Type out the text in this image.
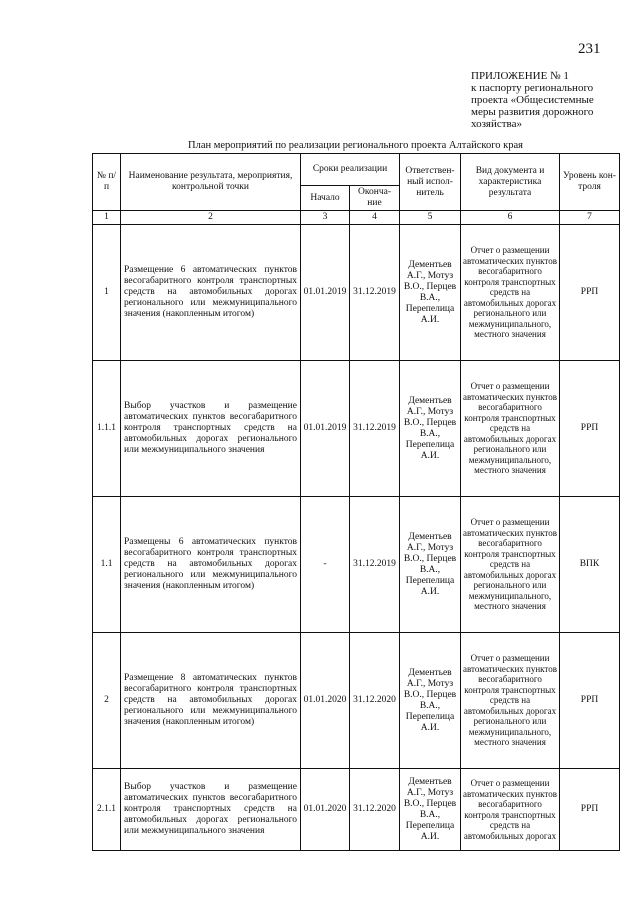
231
ПРИЛОЖЕНИЕ № 1
к паспорту регионального
проекта «Общесистемные
меры развития дорожного
хозяйства»
План мероприятий по реализации регионального проекта Алтайского края
№ п/п	Наименование результата, мероприятия, контрольной точки	Сроки реализации		Ответствен-ный испол-нитель	Вид документа и характеристика результата	Уровень кон-троля
		Начало	Оконча-ние			
1	2	3	4	5	6	7
1	Размещение 6 автоматических пунктов весогабаритного контроля транспортных средств на автомобильных дорогах регионального или межмуниципального значения (накопленным итогом)	01.01.2019	31.12.2019	Дементьев А.Г., Мотуз В.О., Перцев В.А., Перепелица А.И.	Отчет о размещении автоматических пунктов весогабаритного контроля транспортных средств на автомобильных дорогах регионального или межмуниципального, местного значения	РРП
1.1.1	Выбор участков и размещение автоматических пунктов весогабаритного контроля транспортных средств на автомобильных дорогах регионального или межмуниципального значения	01.01.2019	31.12.2019	Дементьев А.Г., Мотуз В.О., Перцев В.А., Перепелица А.И.	Отчет о размещении автоматических пунктов весогабаритного контроля транспортных средств на автомобильных дорогах регионального или межмуниципального, местного значения	РРП
1.1	Размещены 6 автоматических пунктов весогабаритного контроля транспортных средств на автомобильных дорогах регионального или межмуниципального значения (накопленным итогом)	-	31.12.2019	Дементьев А.Г., Мотуз В.О., Перцев В.А., Перепелица А.И.	Отчет о размещении автоматических пунктов весогабаритного контроля транспортных средств на автомобильных дорогах регионального или межмуниципального, местного значения	ВПК
2	Размещение 8 автоматических пунктов весогабаритного контроля транспортных средств на автомобильных дорогах регионального или межмуниципального значения (накопленным итогом)	01.01.2020	31.12.2020	Дементьев А.Г., Мотуз В.О., Перцев В.А., Перепелица А.И.	Отчет о размещении автоматических пунктов весогабаритного контроля транспортных средств на автомобильных дорогах регионального или межмуниципального, местного значения	РРП
2.1.1	Выбор участков и размещение автоматических пунктов весогабаритного контроля транспортных средств на автомобильных дорогах регионального или межмуниципального значения	01.01.2020	31.12.2020	Дементьев А.Г., Мотуз В.О., Перцев В.А., Перепелица А.И.	Отчет о размещении автоматических пунктов весогабаритного контроля транспортных средств на автомобильных дорогах	РРП
